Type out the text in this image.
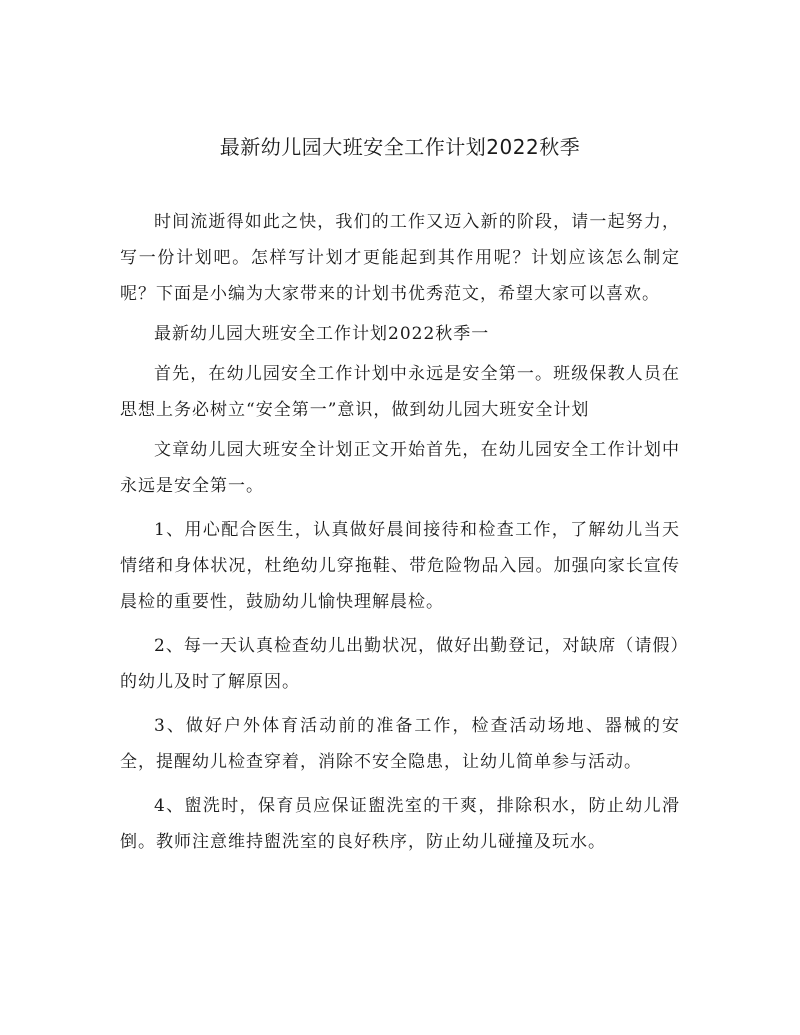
最新幼儿园大班安全工作计划2022秋季

时间流逝得如此之快，我们的工作又迈入新的阶段，请一起努力，写一份计划吧。怎样写计划才更能起到其作用呢？计划应该怎么制定呢？下面是小编为大家带来的计划书优秀范文，希望大家可以喜欢。

最新幼儿园大班安全工作计划2022秋季一

首先，在幼儿园安全工作计划中永远是安全第一。班级保教人员在思想上务必树立“安全第一”意识，做到幼儿园大班安全计划

文章幼儿园大班安全计划正文开始首先，在幼儿园安全工作计划中永远是安全第一。

1、用心配合医生，认真做好晨间接待和检查工作，了解幼儿当天情绪和身体状况，杜绝幼儿穿拖鞋、带危险物品入园。加强向家长宣传晨检的重要性，鼓励幼儿愉快理解晨检。

2、每一天认真检查幼儿出勤状况，做好出勤登记，对缺席（请假）的幼儿及时了解原因。

3、做好户外体育活动前的准备工作，检查活动场地、器械的安全，提醒幼儿检查穿着，消除不安全隐患，让幼儿简单参与活动。

4、盥洗时，保育员应保证盥洗室的干爽，排除积水，防止幼儿滑倒。教师注意维持盥洗室的良好秩序，防止幼儿碰撞及玩水。
